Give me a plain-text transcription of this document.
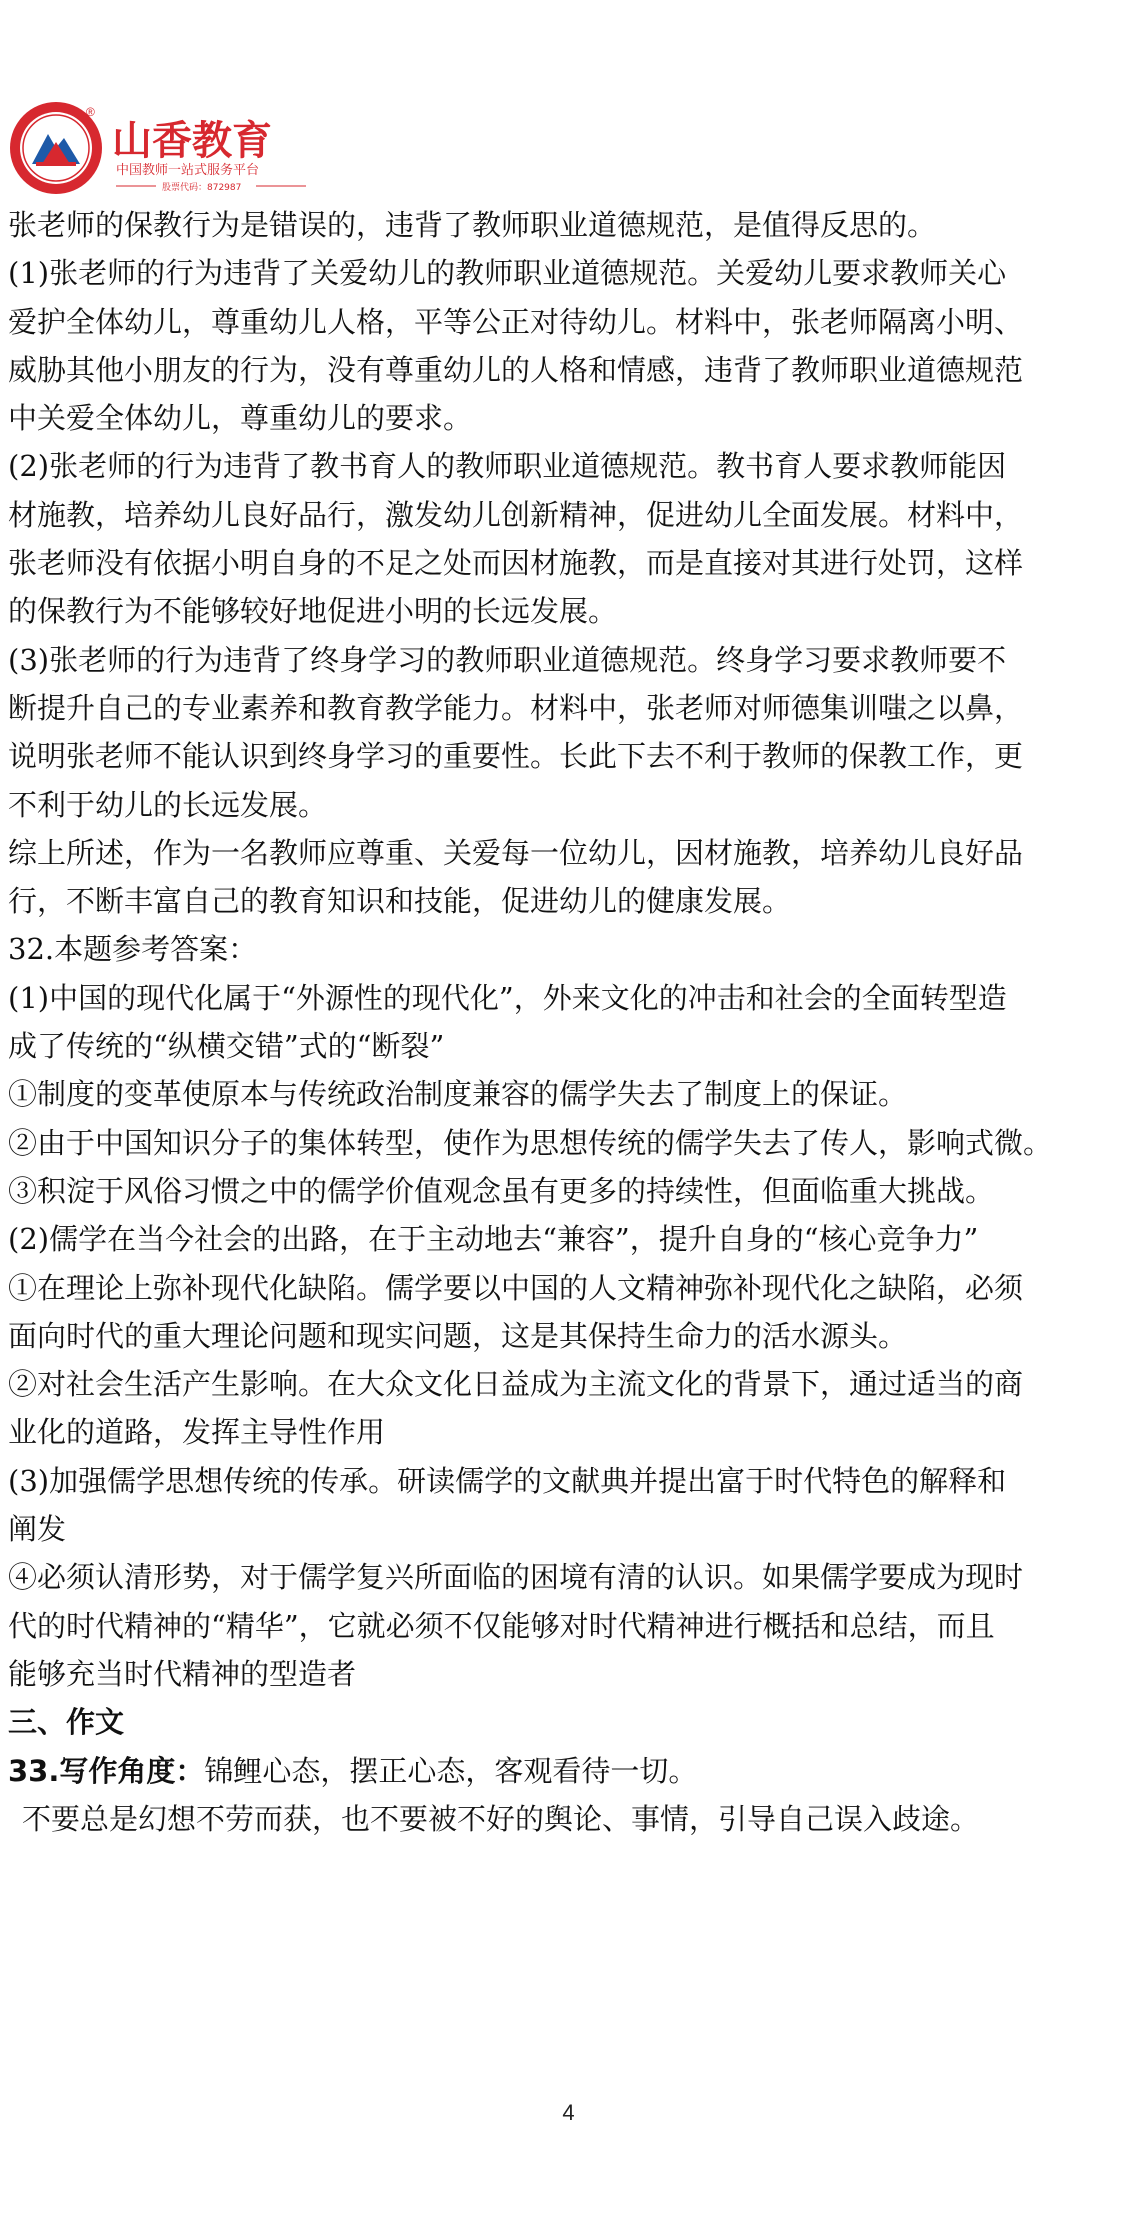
®
山香教育
中国教师一站式服务平台
股票代码：872987
张老师的保教行为是错误的，违背了教师职业道德规范，是值得反思的。
(1)张老师的行为违背了关爱幼儿的教师职业道德规范。关爱幼儿要求教师关心
爱护全体幼儿，尊重幼儿人格，平等公正对待幼儿。材料中，张老师隔离小明、
威胁其他小朋友的行为，没有尊重幼儿的人格和情感，违背了教师职业道德规范
中关爱全体幼儿，尊重幼儿的要求。
(2)张老师的行为违背了教书育人的教师职业道德规范。教书育人要求教师能因
材施教，培养幼儿良好品行，激发幼儿创新精神，促进幼儿全面发展。材料中，
张老师没有依据小明自身的不足之处而因材施教，而是直接对其进行处罚，这样
的保教行为不能够较好地促进小明的长远发展。
(3)张老师的行为违背了终身学习的教师职业道德规范。终身学习要求教师要不
断提升自己的专业素养和教育教学能力。材料中，张老师对师德集训嗤之以鼻，
说明张老师不能认识到终身学习的重要性。长此下去不利于教师的保教工作，更
不利于幼儿的长远发展。
综上所述，作为一名教师应尊重、关爱每一位幼儿，因材施教，培养幼儿良好品
行，不断丰富自己的教育知识和技能，促进幼儿的健康发展。
32.本题参考答案：
(1)中国的现代化属于“外源性的现代化”，外来文化的冲击和社会的全面转型造
成了传统的“纵横交错”式的“断裂”
①制度的变革使原本与传统政治制度兼容的儒学失去了制度上的保证。
②由于中国知识分子的集体转型，使作为思想传统的儒学失去了传人，影响式微。
③积淀于风俗习惯之中的儒学价值观念虽有更多的持续性，但面临重大挑战。
(2)儒学在当今社会的出路，在于主动地去“兼容”，提升自身的“核心竞争力”
①在理论上弥补现代化缺陷。儒学要以中国的人文精神弥补现代化之缺陷，必须
面向时代的重大理论问题和现实问题，这是其保持生命力的活水源头。
②对社会生活产生影响。在大众文化日益成为主流文化的背景下，通过适当的商
业化的道路，发挥主导性作用
(3)加强儒学思想传统的传承。研读儒学的文献典并提出富于时代特色的解释和
阐发
④必须认清形势，对于儒学复兴所面临的困境有清的认识。如果儒学要成为现时
代的时代精神的“精华”，它就必须不仅能够对时代精神进行概括和总结，而且
能够充当时代精神的型造者
三、作文
33.写作角度：锦鲤心态，摆正心态，客观看待一切。
不要总是幻想不劳而获，也不要被不好的舆论、事情，引导自己误入歧途。
4
